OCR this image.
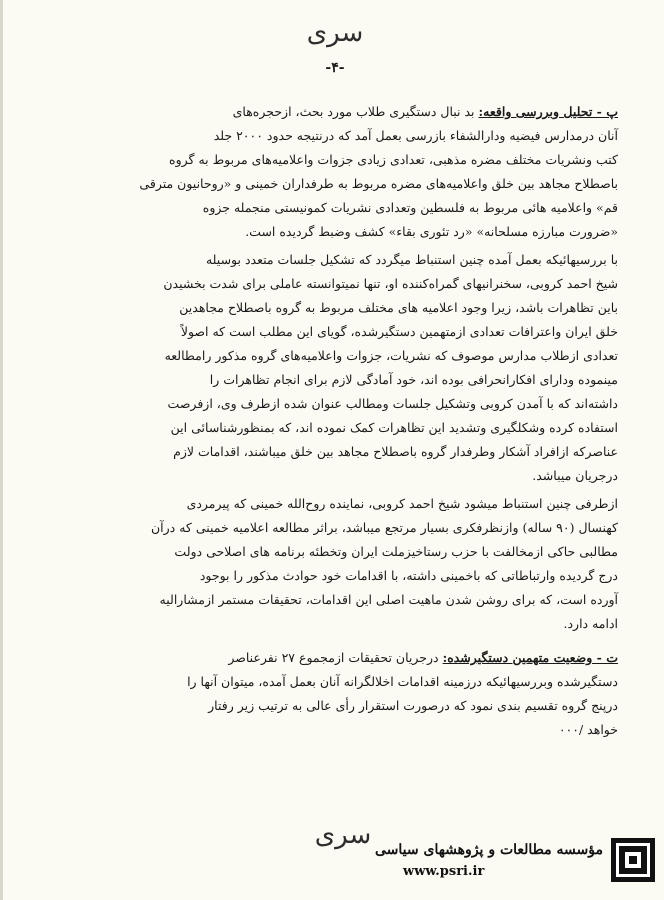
سری
-۴-
پ - تحلیل وبررسی واقعه: بد نبال دستگیری طلاب مورد بحث، ازحجره‌های
آنان درمدارس فیضیه ودارالشفاء بازرسی بعمل آمد که درنتیجه حدود ۲۰۰۰ جلد
کتب ونشریات مختلف مضره مذهبی، تعدادی زیادی جزوات واعلامیه‌های مربوط به گروه
باصطلاح مجاهد بین خلق واعلامیه‌های مضره مربوط به طرفداران خمینی و «روحانیون مترقی
قم» واعلامیه هائی مربوط به فلسطین وتعدادی نشریات کمونیستی منجمله جزوه
«ضرورت مبارزه مسلحانه» «رد تئوری بقاء» کشف وضبط گردیده است.
با بررسیهائیکه بعمل آمده چنین استنباط میگردد که تشکیل جلسات متعدد بوسیله
شیخ احمد کروبی، سخنرانیهای گمراه‌کننده او، تنها نمیتوانسته عاملی برای شدت بخشیدن
باین تظاهرات باشد، زیرا وجود اعلامیه های مختلف مربوط به گروه باصطلاح مجاهدین
خلق ایران واعترافات تعدادی ازمتهمین دستگیرشده، گویای این مطلب است که اصولاً
تعدادی ازطلاب مدارس موصوف که نشریات، جزوات واعلامیه‌های گروه مذکور رامطالعه
مینموده ودارای افکارانحرافی بوده اند، خود آمادگی لازم برای انجام تظاهرات را
داشته‌اند که با آمدن کروبی وتشکیل جلسات ومطالب عنوان شده ازطرف وی، ازفرصت
استفاده کرده وشکلگیری وتشدید این تظاهرات کمک نموده اند، که بمنظورشناسائی این
عناصرکه ازافراد آشکار وطرفدار گروه باصطلاح مجاهد بین خلق میباشند، اقدامات لازم
درجریان میباشد.
ازطرفی چنین استنباط میشود شیخ احمد کروبی، نماینده روح‌الله خمینی که پیرمردی
کهنسال (۹۰ ساله) وازنظرفکری بسیار مرتجع میباشد، براثر مطالعه اعلامیه خمینی که درآن
مطالبی حاکی ازمخالفت با حزب رستاخیزملت ایران وتخطئه برنامه های اصلاحی دولت
درج گردیده وارتباطاتی که باخمینی داشته، با اقدامات خود حوادث مذکور را بوجود
آورده است، که برای روشن شدن ماهیت اصلی این اقدامات، تحقیقات مستمر ازمشارالیه
ادامه دارد.
ت - وضعیت متهمین دستگیرشده: درجریان تحقیقات ازمجموع ۲۷ نفرعناصر
دستگیرشده وبررسیهائیکه درزمینه اقدامات اخلالگرانه آنان بعمل آمده، میتوان آنها را
درپنج گروه تقسیم بندی نمود که درصورت استقرار رأی عالی به ترتیب زیر رفتار
خواهد /۰۰۰
سری مؤسسه مطالعات و پژوهشهای سیاسی
www.psri.ir
